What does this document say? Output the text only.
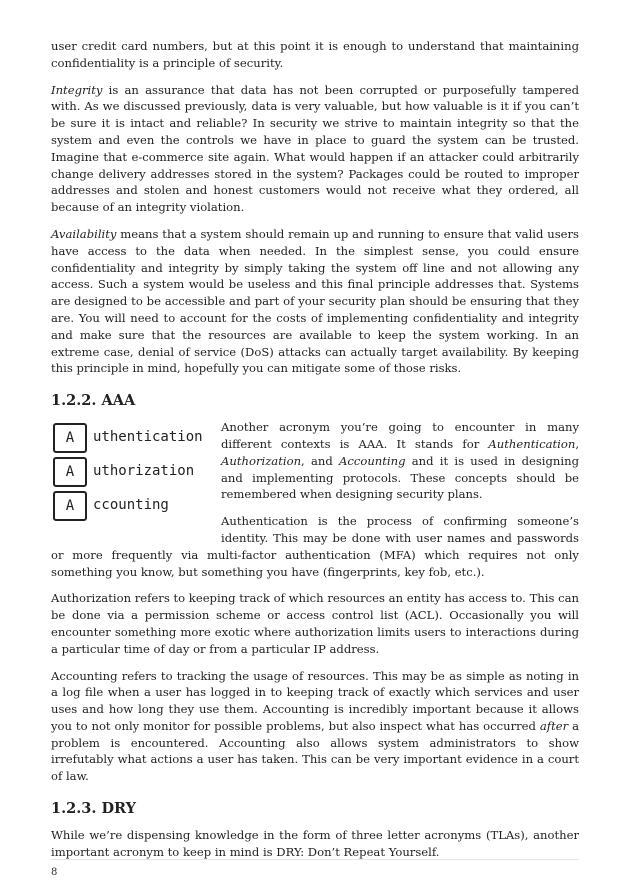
user credit card numbers, but at this point it is enough to understand that maintaining confidentiality is a principle of security.

Integrity is an assurance that data has not been corrupted or purposefully tampered with. As we discussed previously, data is very valuable, but how valuable is it if you can’t be sure it is intact and reliable? In security we strive to maintain integrity so that the system and even the controls we have in place to guard the system can be trusted. Imagine that e-commerce site again. What would happen if an attacker could arbitrarily change delivery addresses stored in the system? Packages could be routed to improper addresses and stolen and honest customers would not receive what they ordered, all because of an integrity violation.

Availability means that a system should remain up and running to ensure that valid users have access to the data when needed. In the simplest sense, you could ensure confidentiality and integrity by simply taking the system off line and not allowing any access. Such a system would be useless and this final principle addresses that. Systems are designed to be accessible and part of your security plan should be ensuring that they are. You will need to account for the costs of implementing confidentiality and integrity and make sure that the resources are available to keep the system working. In an extreme case, denial of service (DoS) attacks can actually target availability. By keeping this principle in mind, hopefully you can mitigate some of those risks.

1.2.2. AAA
A	uthentication
A	uthorization
A	ccounting

Another acronym you’re going to encounter in many different contexts is AAA. It stands for Authentication, Authorization, and Accounting and it is used in designing and implementing protocols. These concepts should be remembered when designing security plans.

Authentication is the process of confirming someone’s identity. This may be done with user names and passwords or more frequently via multi-factor authentication (MFA) which requires not only something you know, but something you have (fingerprints, key fob, etc.).

Authorization refers to keeping track of which resources an entity has access to. This can be done via a permission scheme or access control list (ACL). Occasionally you will encounter something more exotic where authorization limits users to interactions during a particular time of day or from a particular IP address.

Accounting refers to tracking the usage of resources. This may be as simple as noting in a log file when a user has logged in to keeping track of exactly which services and user uses and how long they use them. Accounting is incredibly important because it allows you to not only monitor for possible problems, but also inspect what has occurred after a problem is encountered. Accounting also allows system administrators to show irrefutably what actions a user has taken. This can be very important evidence in a court of law.

1.2.3. DRY

While we’re dispensing knowledge in the form of three letter acronyms (TLAs), another important acronym to keep in mind is DRY: Don’t Repeat Yourself.

8
